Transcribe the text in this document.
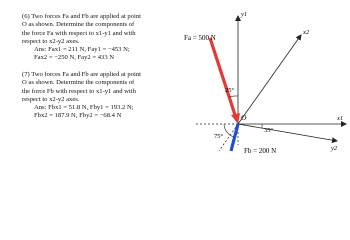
(6) Two forces Fa and Fb are applied at point
O as shown. Determine the components of
the force Fa with respect to x1-y1 and with
respect to x2-y2 axes.
Ans: Fax1 = 211 N, Fay1 = −453 N;
Fax2 = −250 N, Fay2 = 433 N
(7) Two forces Fa and Fb are applied at point
O as shown. Determine the components of
the force Fb with respect to x1-y1 and with
respect to x2-y2 axes.
Ans: Fbx1 = 51.8 N, Fby1 = 193.2 N;
Fbx2 = 187.9 N, Fby2 = −68.4 N
Fa = 500 N
Fb = 200 N
y1
x1
x2
y2
O
25°
75°
35°
